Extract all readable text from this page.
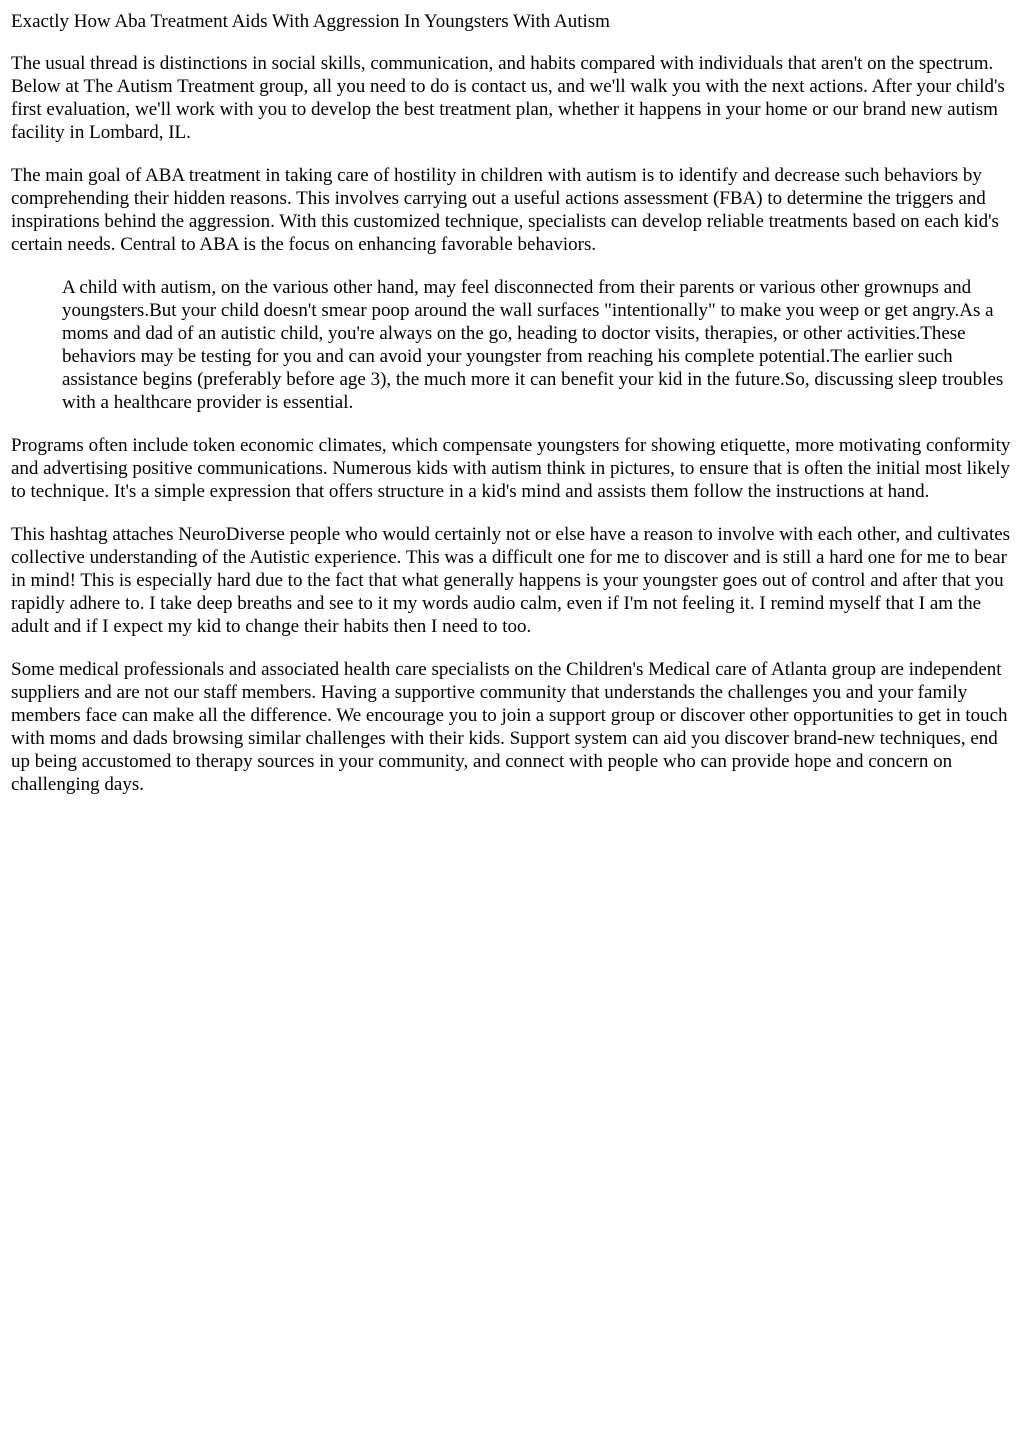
Exactly How Aba Treatment Aids With Aggression In Youngsters With Autism

The usual thread is distinctions in social skills, communication, and habits compared with individuals that aren't on the spectrum. Below at The Autism Treatment group, all you need to do is contact us, and we'll walk you with the next actions. After your child's first evaluation, we'll work with you to develop the best treatment plan, whether it happens in your home or our brand new autism facility in Lombard, IL.

The main goal of ABA treatment in taking care of hostility in children with autism is to identify and decrease such behaviors by comprehending their hidden reasons. This involves carrying out a useful actions assessment (FBA) to determine the triggers and inspirations behind the aggression. With this customized technique, specialists can develop reliable treatments based on each kid's certain needs. Central to ABA is the focus on enhancing favorable behaviors.

A child with autism, on the various other hand, may feel disconnected from their parents or various other grownups and youngsters.But your child doesn't smear poop around the wall surfaces "intentionally" to make you weep or get angry.As a moms and dad of an autistic child, you're always on the go, heading to doctor visits, therapies, or other activities.These behaviors may be testing for you and can avoid your youngster from reaching his complete potential.The earlier such assistance begins (preferably before age 3), the much more it can benefit your kid in the future.So, discussing sleep troubles with a healthcare provider is essential.

Programs often include token economic climates, which compensate youngsters for showing etiquette, more motivating conformity and advertising positive communications. Numerous kids with autism think in pictures, to ensure that is often the initial most likely to technique. It's a simple expression that offers structure in a kid's mind and assists them follow the instructions at hand.

This hashtag attaches NeuroDiverse people who would certainly not or else have a reason to involve with each other, and cultivates collective understanding of the Autistic experience. This was a difficult one for me to discover and is still a hard one for me to bear in mind! This is especially hard due to the fact that what generally happens is your youngster goes out of control and after that you rapidly adhere to. I take deep breaths and see to it my words audio calm, even if I'm not feeling it. I remind myself that I am the adult and if I expect my kid to change their habits then I need to too.

Some medical professionals and associated health care specialists on the Children's Medical care of Atlanta group are independent suppliers and are not our staff members. Having a supportive community that understands the challenges you and your family members face can make all the difference. We encourage you to join a support group or discover other opportunities to get in touch with moms and dads browsing similar challenges with their kids. Support system can aid you discover brand-new techniques, end up being accustomed to therapy sources in your community, and connect with people who can provide hope and concern on challenging days.
